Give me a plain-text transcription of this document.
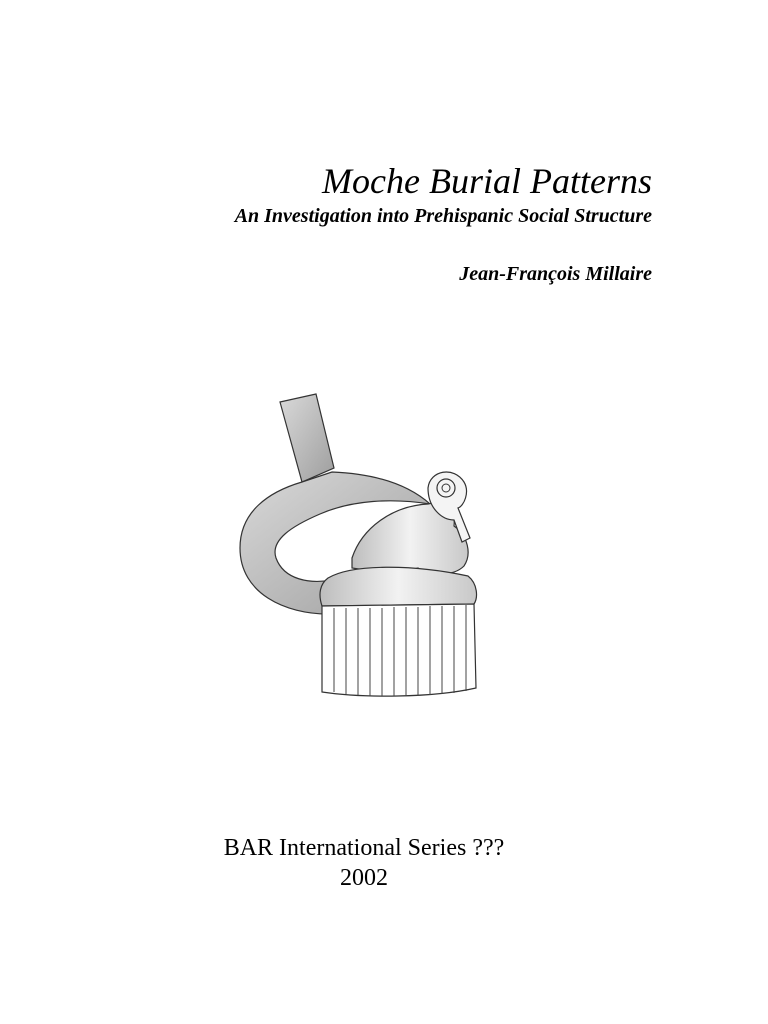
Moche Burial Patterns
An Investigation into Prehispanic Social Structure
Jean-François Millaire
BAR International Series ???
2002
